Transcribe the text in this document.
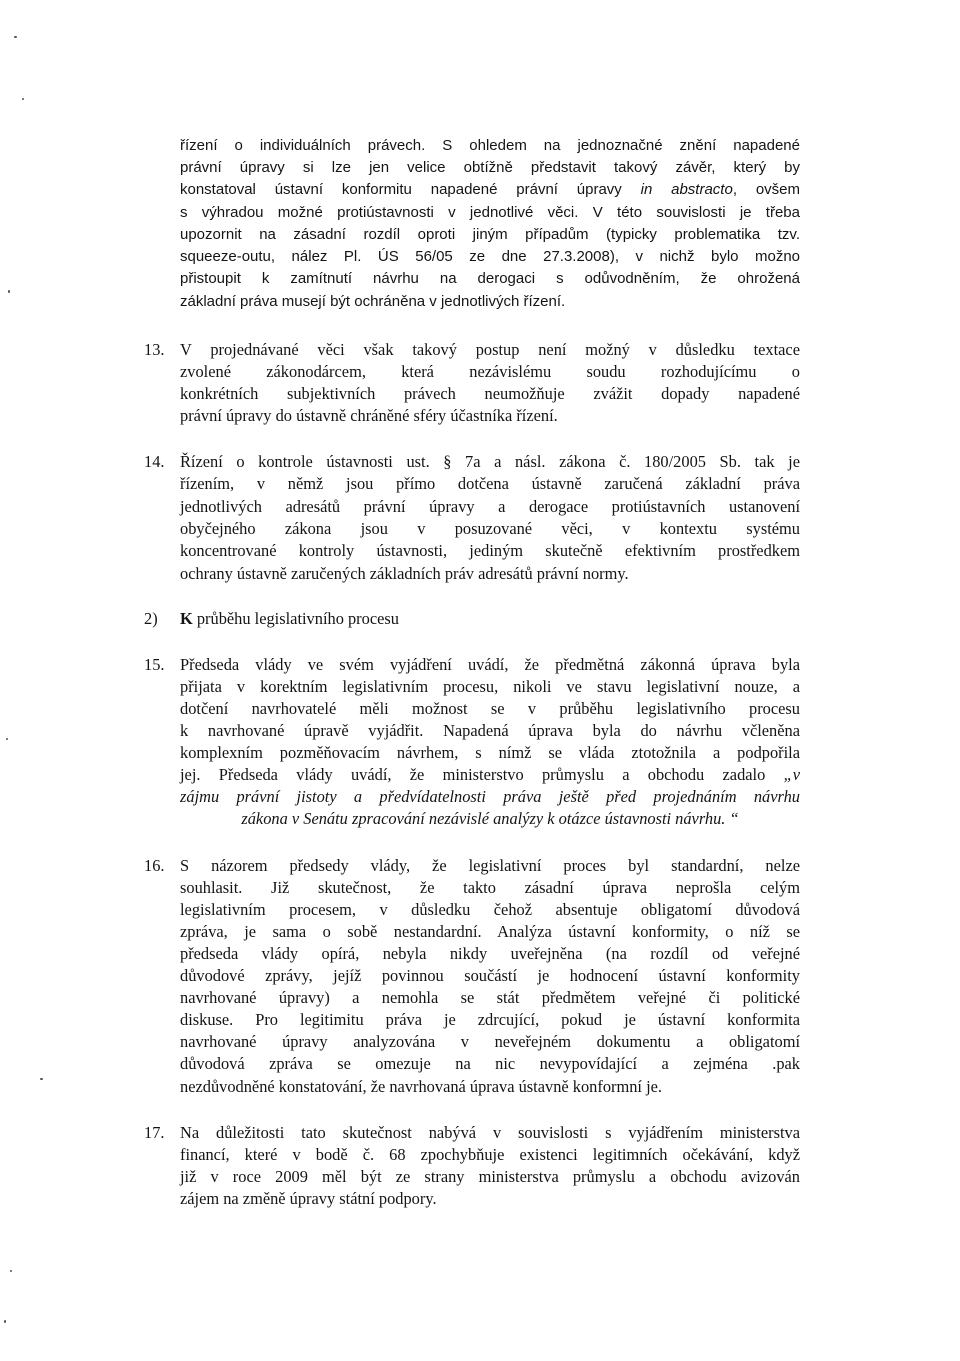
řízení o individuálních právech. S ohledem na jednoznačné znění napadené
právní úpravy si lze jen velice obtížně představit takový závěr, který by
konstatoval ústavní konformitu napadené právní úpravy in abstracto, ovšem
s výhradou možné protiústavnosti v jednotlivé věci. V této souvislosti je třeba
upozornit na zásadní rozdíl oproti jiným případům (typicky problematika tzv.
squeeze-outu, nález Pl. ÚS 56/05 ze dne 27.3.2008), v nichž bylo možno
přistoupit k zamítnutí návrhu na derogaci s odůvodněním, že ohrožená
základní práva musejí být ochráněna v jednotlivých řízení.
13. V projednávané věci však takový postup není možný v důsledku textace
zvolené zákonodárcem, která nezávislému soudu rozhodujícímu o
konkrétních subjektivních právech neumožňuje zvážit dopady napadené
právní úpravy do ústavně chráněné sféry účastníka řízení.
14. Řízení o kontrole ústavnosti ust. § 7a a násl. zákona č. 180/2005 Sb. tak je
řízením, v němž jsou přímo dotčena ústavně zaručená základní práva
jednotlivých adresátů právní úpravy a derogace protiústavních ustanovení
obyčejného zákona jsou v posuzované věci, v kontextu systému
koncentrované kontroly ústavnosti, jediným skutečně efektivním prostředkem
ochrany ústavně zaručených základních práv adresátů právní normy.
2)	K průběhu legislativního procesu
15. Předseda vlády ve svém vyjádření uvádí, že předmětná zákonná úprava byla
přijata v korektním legislativním procesu, nikoli ve stavu legislativní nouze, a
dotčení navrhovatelé měli možnost se v průběhu legislativního procesu
k navrhované úpravě vyjádřit. Napadená úprava byla do návrhu včleněna
komplexním pozměňovacím návrhem, s nímž se vláda ztotožnila a podpořila
jej. Předseda vlády uvádí, že ministerstvo průmyslu a obchodu zadalo „v
zájmu právní jistoty a předvídatelnosti práva ještě před projednáním návrhu
zákona v Senátu zpracování nezávislé analýzy k otázce ústavnosti návrhu. “
16. S názorem předsedy vlády, že legislativní proces byl standardní, nelze
souhlasit. Již skutečnost, že takto zásadní úprava neprošla celým
legislativním procesem, v důsledku čehož absentuje obligatomí důvodová
zpráva, je sama o sobě nestandardní. Analýza ústavní konformity, o níž se
předseda vlády opírá, nebyla nikdy uveřejněna (na rozdíl od veřejné
důvodové zprávy, jejíž povinnou součástí je hodnocení ústavní konformity
navrhované úpravy) a nemohla se stát předmětem veřejné či politické
diskuse. Pro legitimitu práva je zdrcující, pokud je ústavní konformita
navrhované úpravy analyzována v neveřejném dokumentu a obligatomí
důvodová zpráva se omezuje na nic nevypovídající a zejména .pak
nezdůvodněné konstatování, že navrhovaná úprava ústavně konformní je.
17. Na důležitosti tato skutečnost nabývá v souvislosti s vyjádřením ministerstva
financí, které v bodě č. 68 zpochybňuje existenci legitimních očekávání, když
již v roce 2009 měl být ze strany ministerstva průmyslu a obchodu avizován
zájem na změně úpravy státní podpory.
